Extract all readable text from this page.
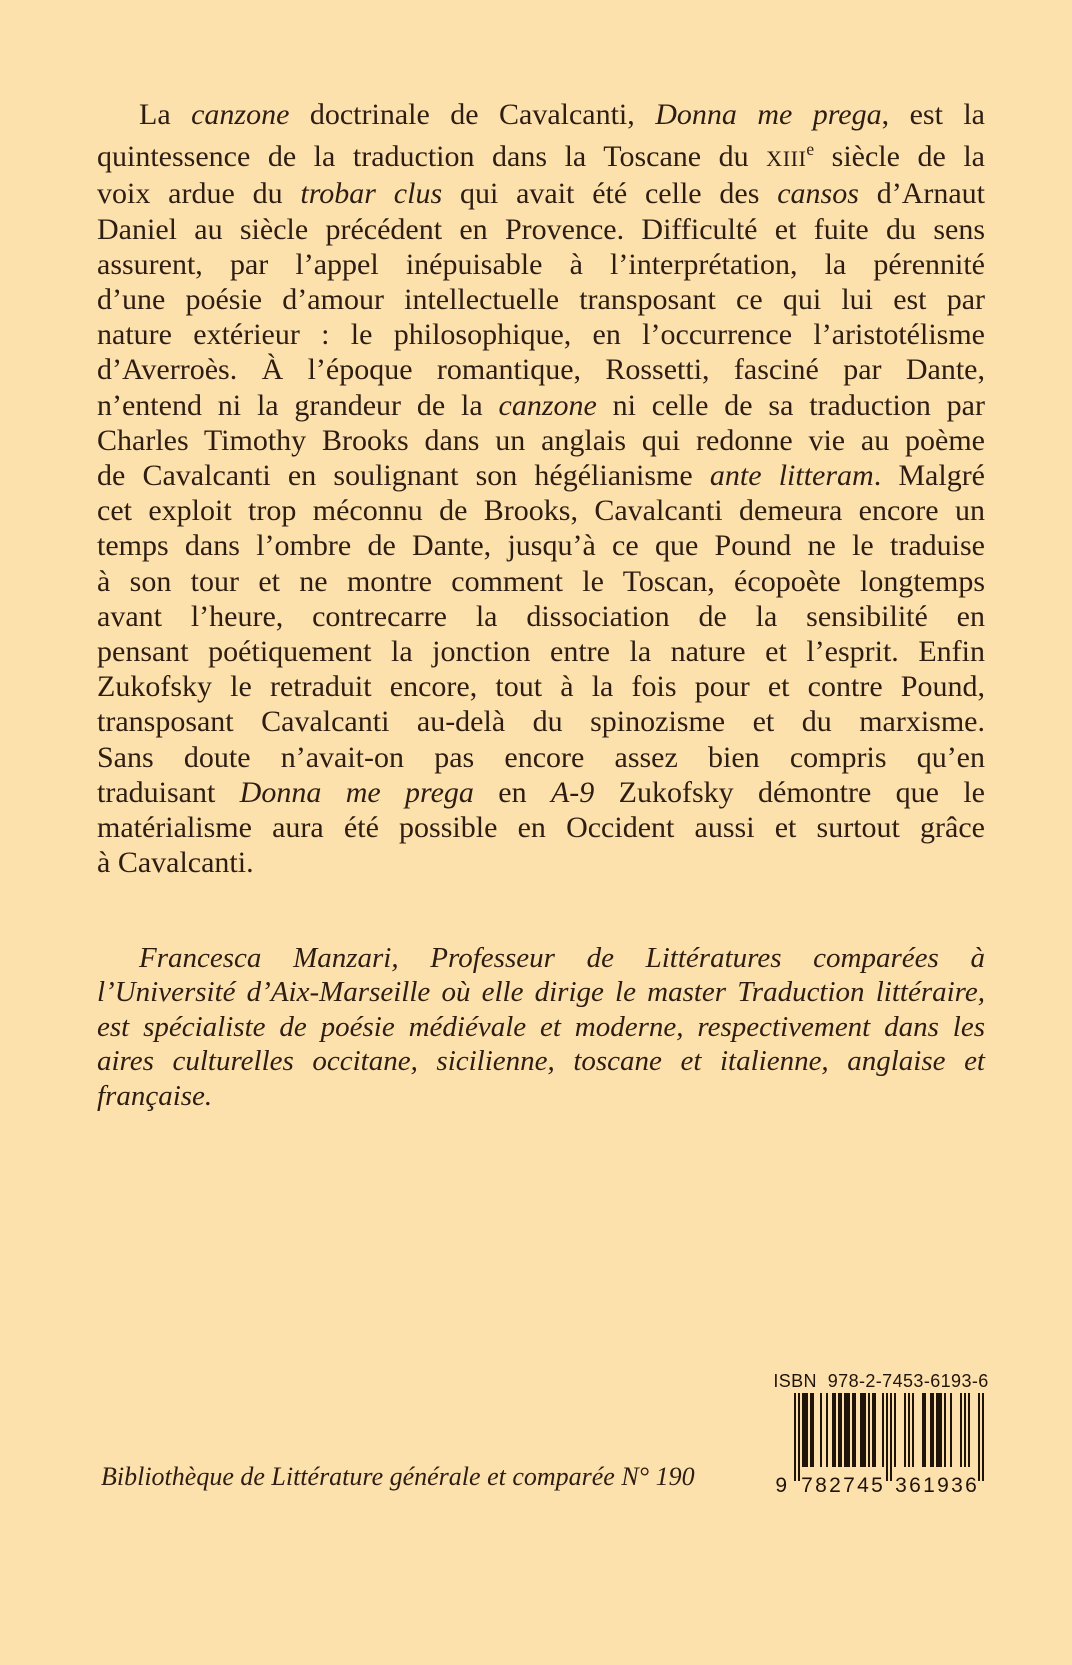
La canzone doctrinale de Cavalcanti, Donna me prega, est la
quintessence de la traduction dans la Toscane du XIIIe siècle de la
voix ardue du trobar clus qui avait été celle des cansos d’Arnaut
Daniel au siècle précédent en Provence. Difficulté et fuite du sens
assurent, par l’appel inépuisable à l’interprétation, la pérennité
d’une poésie d’amour intellectuelle transposant ce qui lui est par
nature extérieur : le philosophique, en l’occurrence l’aristotélisme
d’Averroès. À l’époque romantique, Rossetti, fasciné par Dante,
n’entend ni la grandeur de la canzone ni celle de sa traduction par
Charles Timothy Brooks dans un anglais qui redonne vie au poème
de Cavalcanti en soulignant son hégélianisme ante litteram. Malgré
cet exploit trop méconnu de Brooks, Cavalcanti demeura encore un
temps dans l’ombre de Dante, jusqu’à ce que Pound ne le traduise
à son tour et ne montre comment le Toscan, écopoète longtemps
avant l’heure, contrecarre la dissociation de la sensibilité en
pensant poétiquement la jonction entre la nature et l’esprit. Enfin
Zukofsky le retraduit encore, tout à la fois pour et contre Pound,
transposant Cavalcanti au-delà du spinozisme et du marxisme.
Sans doute n’avait-on pas encore assez bien compris qu’en
traduisant Donna me prega en A-9 Zukofsky démontre que le
matérialisme aura été possible en Occident aussi et surtout grâce
à Cavalcanti.
Francesca Manzari, Professeur de Littératures comparées à
l’Université d’Aix-Marseille où elle dirige le master Traduction littéraire,
est spécialiste de poésie médiévale et moderne, respectivement dans les
aires culturelles occitane, sicilienne, toscane et italienne, anglaise et
française.
Bibliothèque de Littérature générale et comparée N° 190
ISBN  978-2-7453-6193-6
9 7	3
8	6
2	1
7	9
4	3
5	6
